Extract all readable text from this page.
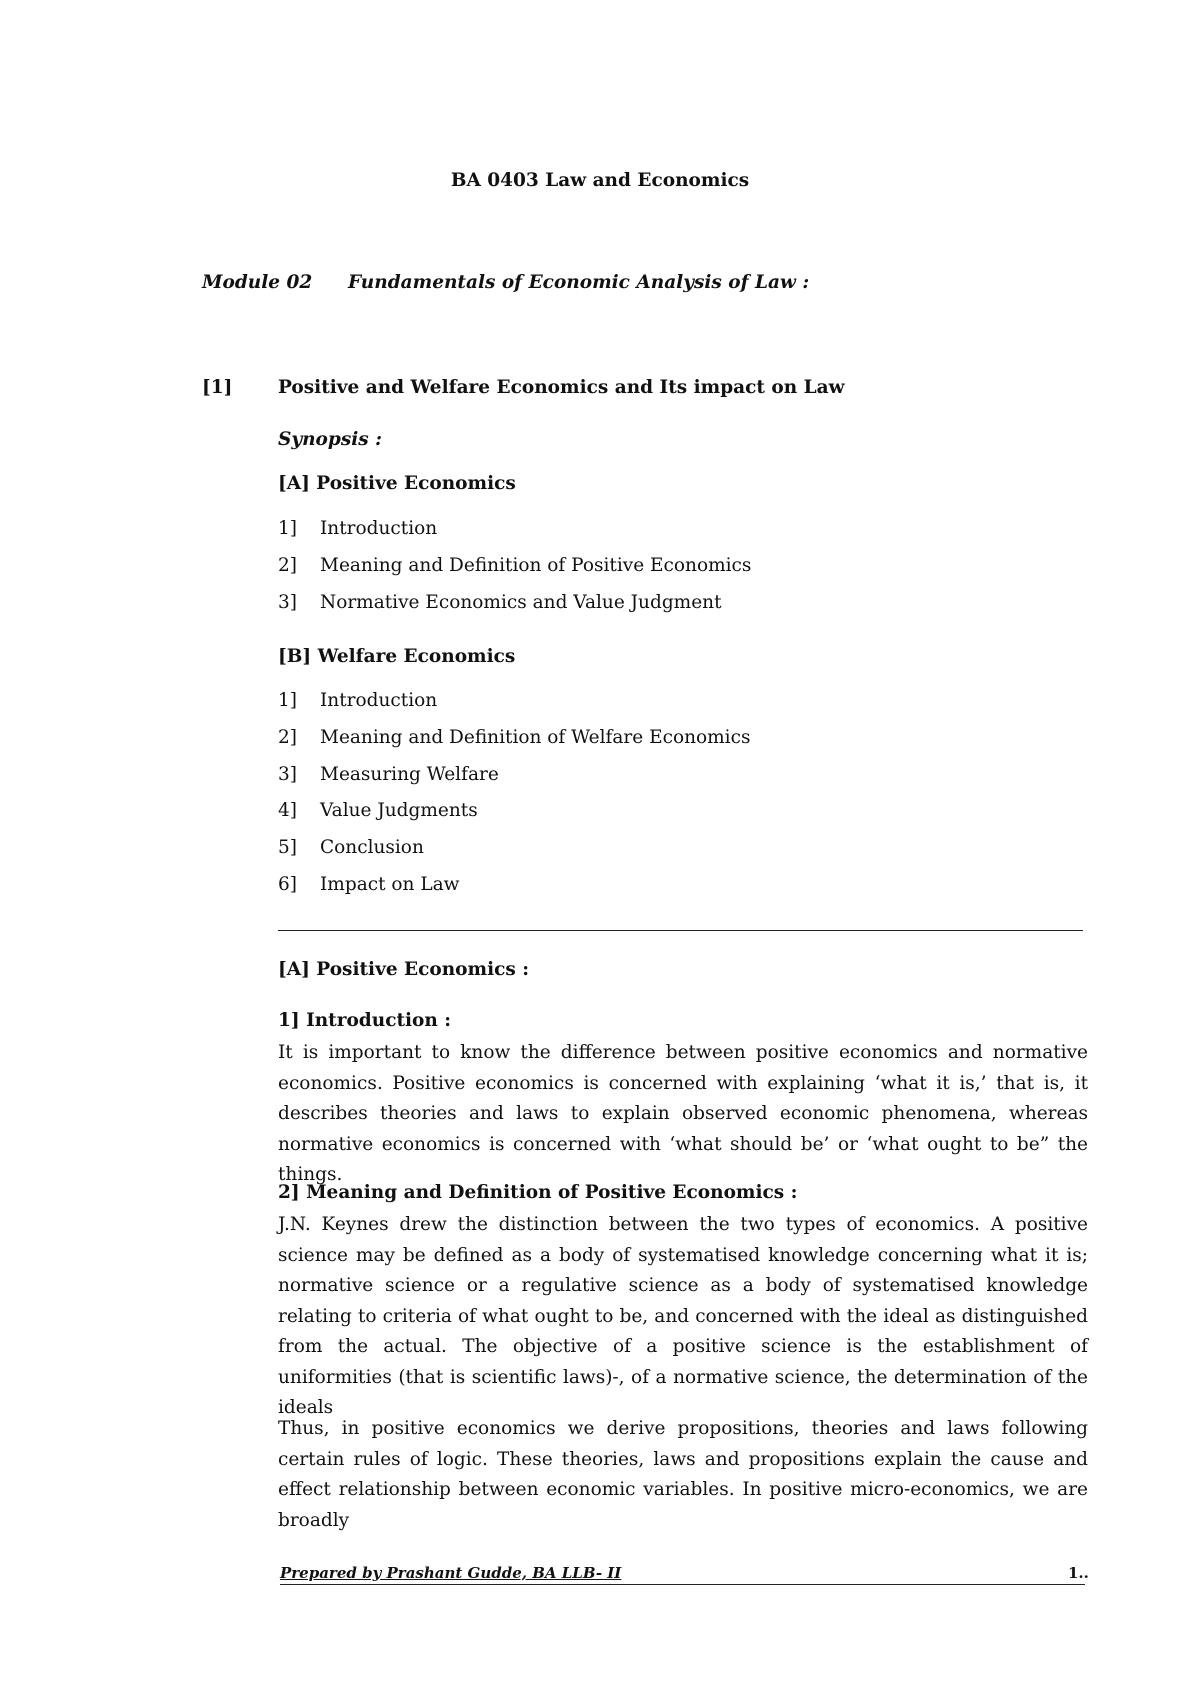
BA 0403 Law and Economics
Module 02 Fundamentals of Economic Analysis of Law :
[1] Positive and Welfare Economics and Its impact on Law
Synopsis :
[A] Positive Economics
1] Introduction
2] Meaning and Definition of Positive Economics
3] Normative Economics and Value Judgment
[B] Welfare Economics
1] Introduction
2] Meaning and Definition of Welfare Economics
3] Measuring Welfare
4] Value Judgments
5] Conclusion
6] Impact on Law
[A] Positive Economics :
1] Introduction :
It is important to know the difference between positive economics and normative economics. Positive economics is concerned with explaining ‘what it is,’ that is, it describes theories and laws to explain observed economic phenomena, whereas normative economics is concerned with ‘what should be’ or ‘what ought to be” the things.
2] Meaning and Definition of Positive Economics :
J.N. Keynes drew the distinction between the two types of economics. A positive science may be defined as a body of systematised knowledge concerning what it is; normative science or a regulative science as a body of systematised knowledge relating to criteria of what ought to be, and concerned with the ideal as distinguished from the actual. The objective of a positive science is the establishment of uniformities (that is scientific laws)-, of a normative science, the determination of the ideals
Thus, in positive economics we derive propositions, theories and laws following certain rules of logic. These theories, laws and propositions explain the cause and effect relationship between economic variables. In positive micro-economics, we are broadly
Prepared by Prashant Gudde, BA LLB- II	1..
